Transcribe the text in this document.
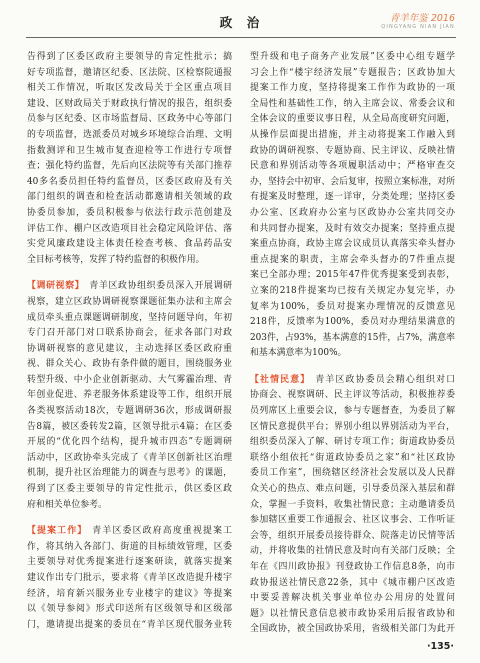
政　治	青羊年鉴 2016
QINGYANG NIAN JIAN
告得到了区委区政府主要领导的肯定性批示；搞
好专项监督，邀请区纪委、区法院、区检察院通报
相关工作情况，听取区发改局关于全区重点项目
建设、区财政局关于财政执行情况的报告，组织委
员参与区纪委、区市场监督局、区政务中心等部门
的专项监督，选派委员对城乡环境综合治理、文明
指数测评和卫生城市复查迎检等工作进行专项督
查；强化特约监督，先后向区法院等有关部门推荐
40多名委员担任特约监督员，区委区政府及有关
部门组织的调查和检查活动都邀请相关领域的政
协委员参加，委员积极参与依法行政示范创建及
评估工作、棚户区改造项目社会稳定风险评估、落
实党风廉政建设主体责任检查考核、食品药品安
全目标考核等，发挥了特约监督的积极作用。
【调研视察】 青羊区政协组织委员深入开展调研
视察，建立区政协调研视察课题征集办法和主席会
成员牵头重点课题调研制度，坚持问题导向，年初
专门召开部门对口联系协商会，征求各部门对政
协调研视察的意见建议，主动选择区委区政府重
视、群众关心、政协有条件做的题目，围绕服务业
转型升级、中小企业创新驱动、大气雾霾治理、青
年创业促进、养老服务体系建设等工作，组织开展
各类视察活动18次，专题调研36次，形成调研报
告8篇，被区委转发2篇，区领导批示4篇；在区委
开展的“优化四个结构，提升城市四态”专题调研
活动中，区政协牵头完成了《青羊区创新社区治理
机制，提升社区治理能力的调查与思考》的课题，
得到了区委主要领导的肯定性批示，供区委区政
府和相关单位参考。
【提案工作】 青羊区委区政府高度重视提案工
作，将其纳入各部门、街道的目标绩效管理，区委
主要领导对优秀提案进行逐案研读，就落实提案
建议作出专门批示，要求将《青羊区改造提升楼宇
经济，培育新兴服务业专业楼宇的建议》等提案
以《领导参阅》形式印送所有区级领导和区级部
门，邀请提出提案的委员在“青羊区现代服务业转
型升级和电子商务产业发展”区委中心组专题学
习会上作“楼宇经济发展”专题报告；区政协加大
提案工作力度，坚持将提案工作作为政协的一项
全局性和基础性工作，纳入主席会议、常委会议和
全体会议的重要议事日程，从全局高度研究问题，
从操作层面提出措施，并主动将提案工作融入到
政协的调研视察、专题协商、民主评议、反映社情
民意和界别活动等各项履职活动中；严格审查交
办，坚持会中初审、会后复审，按照立案标准，对所
有提案及时整理，逐一详审，分类处理；坚持区委
办公室、区政府办公室与区政协办公室共同交办
和共同督办提案，及时有效交办提案；坚持重点提
案重点协商，政协主席会议成员认真落实牵头督办
重点提案的职责，主席会牵头督办的7件重点提
案已全部办理；2015年47件优秀提案受到表彰，
立案的218件提案均已按有关规定办复完毕，办
复率为100%，委员对提案办理情况的反馈意见
218件，反馈率为100%，委员对办理结果满意的
203件，占93%，基本满意的15件，占7%，满意率
和基本满意率为100%。
【社情民意】 青羊区政协委员会精心组织对口
协商会、视察调研、民主评议等活动，积极推荐委
员列席区上重要会议，参与专题督查，为委员了解
区情民意提供平台；界别小组以界别活动为平台，
组织委员深入了解、研讨专项工作；街道政协委员
联络小组依托“街道政协委员之家”和“社区政协
委员工作室”，围绕辖区经济社会发展以及人民群
众关心的热点、难点问题，引导委员深入基层和群
众，掌握一手资料，收集社情民意；主动邀请委员
参加辖区重要工作通报会、社区议事会、工作听证
会等，组织开展委员接待群众、院落走访民情等活
动，并将收集的社情民意及时向有关部门反映；全
年在《四川政协报》刊登政协工作信息8条，向市
政协报送社情民意22条，其中《城市棚户区改造
中要妥善解决机关事业单位办公用房的处置问
题》以社情民意信息被市政协采用后报省政协和
全国政协，被全国政协采用，省级相关部门为此开
·135·
